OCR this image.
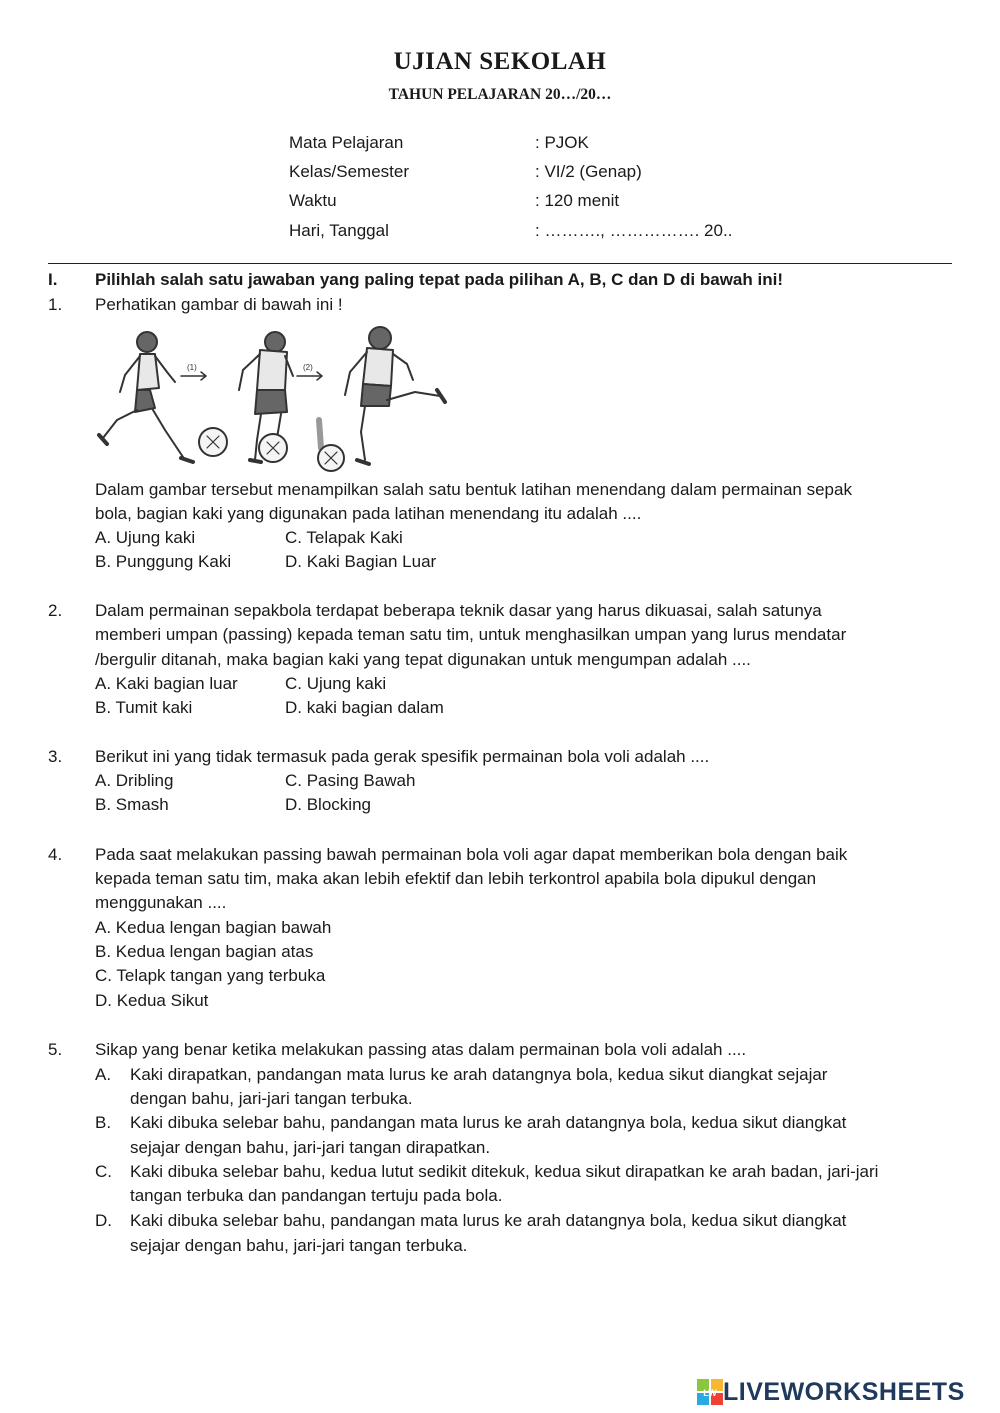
UJIAN SEKOLAH
TAHUN PELAJARAN 20…/20…
Mata Pelajaran	: PJOK
Kelas/Semester	: VI/2 (Genap)
Waktu	: 120 menit
Hari, Tanggal	: ………., ……………. 20..
I. Pilihlah salah satu jawaban yang paling tepat pada pilihan A, B, C dan D di bawah ini!
1. Perhatikan gambar di bawah ini !
(1)	(2)
Dalam gambar tersebut menampilkan salah satu bentuk latihan menendang dalam permainan sepak
bola, bagian kaki yang digunakan pada latihan menendang itu adalah ....
A. Ujung kaki	C. Telapak Kaki
B. Punggung Kaki	D. Kaki Bagian Luar
2. Dalam permainan sepakbola terdapat beberapa teknik dasar yang harus dikuasai, salah satunya
memberi umpan (passing) kepada teman satu tim, untuk menghasilkan umpan yang lurus mendatar
/bergulir ditanah, maka bagian kaki yang tepat digunakan untuk mengumpan adalah ....
A. Kaki bagian luar	C. Ujung kaki
B. Tumit kaki	D. kaki bagian dalam
3. Berikut ini yang tidak termasuk pada gerak spesifik permainan bola voli adalah ....
A. Dribling	C. Pasing Bawah
B. Smash	D. Blocking
4. Pada saat melakukan passing bawah permainan bola voli agar dapat memberikan bola dengan baik
kepada teman satu tim, maka akan lebih efektif dan lebih terkontrol apabila bola dipukul dengan
menggunakan ....
A. Kedua lengan bagian bawah
B. Kedua lengan bagian atas
C. Telapk tangan yang terbuka
D. Kedua Sikut
5. Sikap yang benar ketika melakukan passing atas dalam permainan bola voli adalah ....
A. Kaki dirapatkan, pandangan mata lurus ke arah datangnya bola, kedua sikut diangkat sejajar
dengan bahu, jari-jari tangan terbuka.
B. Kaki dibuka selebar bahu, pandangan mata lurus ke arah datangnya bola, kedua sikut diangkat
sejajar dengan bahu, jari-jari tangan dirapatkan.
C. Kaki dibuka selebar bahu, kedua lutut sedikit ditekuk, kedua sikut dirapatkan ke arah badan, jari-jari
tangan terbuka dan pandangan tertuju pada bola.
D. Kaki dibuka selebar bahu, pandangan mata lurus ke arah datangnya bola, kedua sikut diangkat
sejajar dengan bahu, jari-jari tangan terbuka.
LW LIVEWORKSHEETS
